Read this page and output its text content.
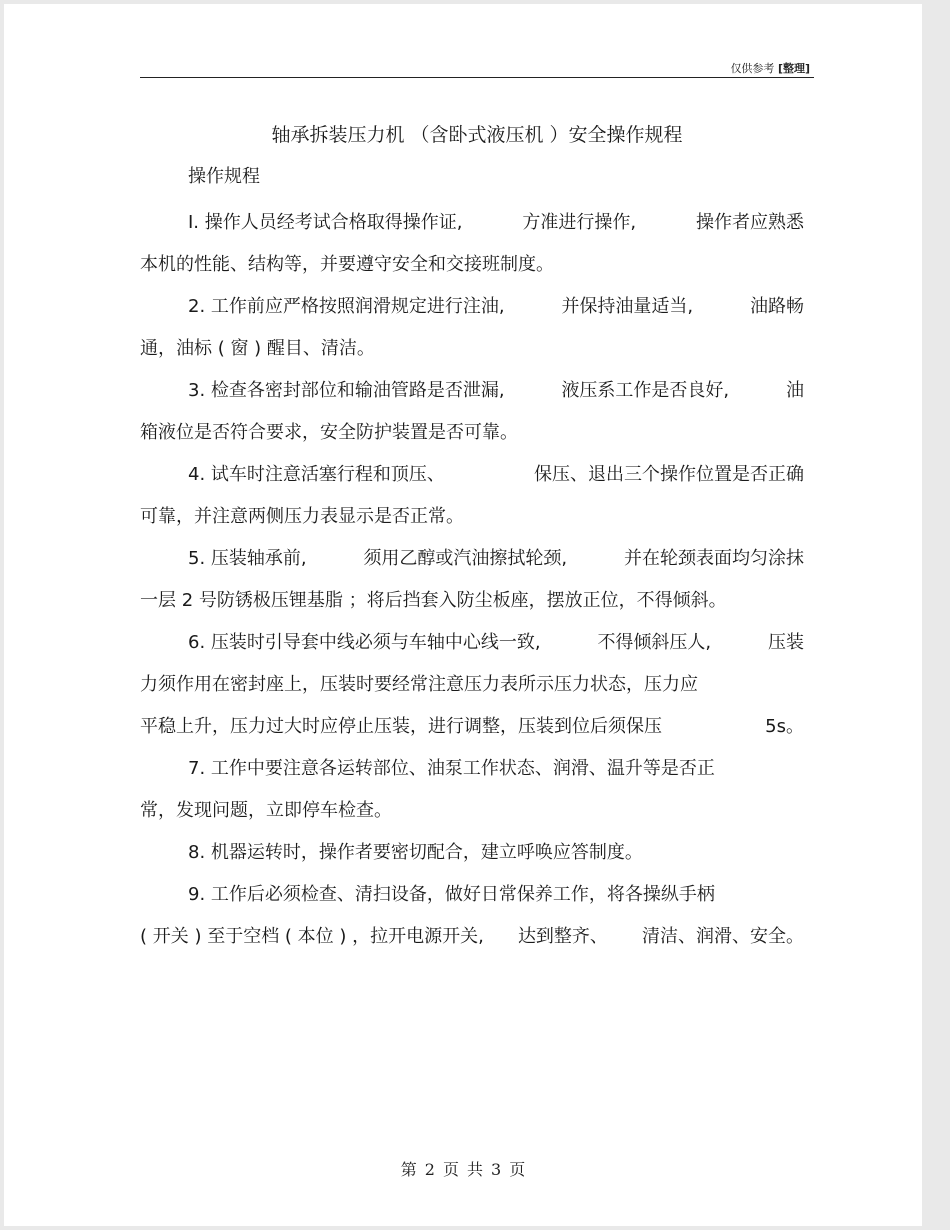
仅供参考 [整理]
轴承拆装压力机 （含卧式液压机 ）安全操作规程
操作规程
I. 操作人员经考试合格取得操作证,	方准进行操作,	操作者应熟悉
本机的性能、结构等，并要遵守安全和交接班制度。
2. 工作前应严格按照润滑规定进行注油,	并保持油量适当,	油路畅
通，油标 ( 窗 ) 醒目、清洁。
3. 检查各密封部位和输油管路是否泄漏,	液压系工作是否良好,	油
箱液位是否符合要求，安全防护装置是否可靠。
4. 试车时注意活塞行程和顶压、	保压、退出三个操作位置是否正确
可靠，并注意两侧压力表显示是否正常。
5. 压装轴承前,	须用乙醇或汽油擦拭轮颈,	并在轮颈表面均匀涂抹
一层 2 号防锈极压锂基脂 ；将后挡套入防尘板座，摆放正位，不得倾斜。
6. 压装时引导套中线必须与车轴中心线一致,	不得倾斜压人,	压装
力须作用在密封座上，压装时要经常注意压力表所示压力状态，压力应
平稳上升，压力过大时应停止压装，进行调整，压装到位后须保压	5s。
7. 工作中要注意各运转部位、油泵工作状态、润滑、温升等是否正
常，发现问题，立即停车检查。
8. 机器运转时，操作者要密切配合，建立呼唤应答制度。
9. 工作后必须检查、清扫设备，做好日常保养工作，将各操纵手柄
( 开关 ) 至于空档 ( 本位 ) ，拉开电源开关, 达到整齐、 清洁、润滑、安全。
第 2 页 共 3 页
